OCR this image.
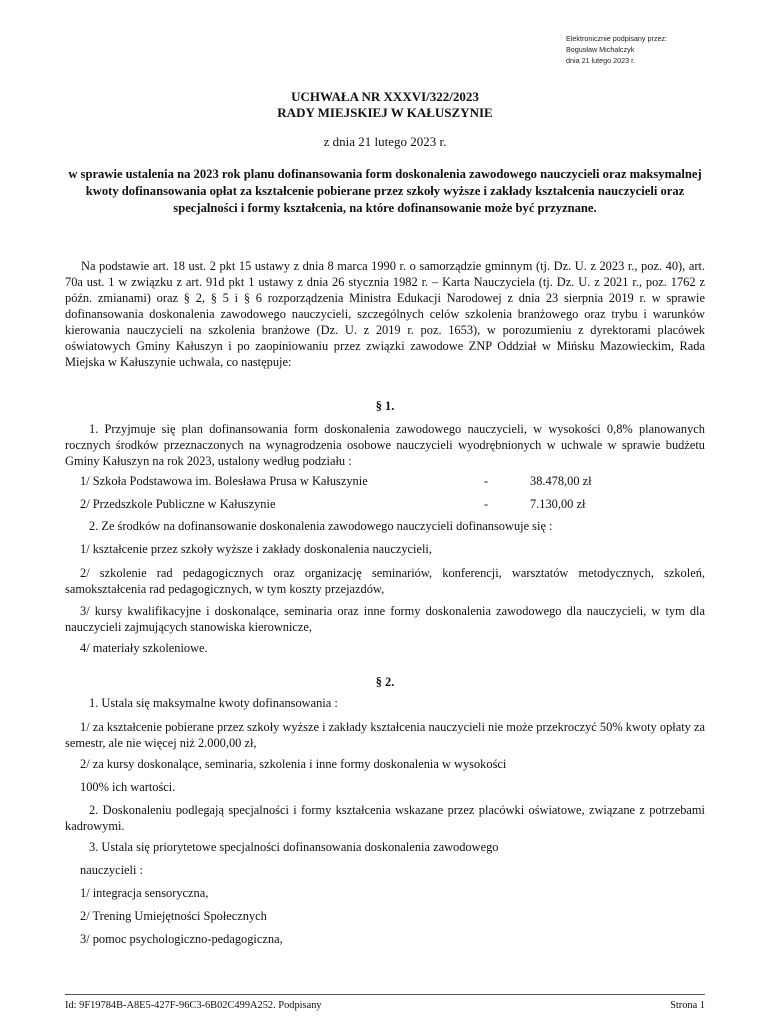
Elektronicznie podpisany przez:
Bogusław Michalczyk
dnia 21 lutego 2023 r.
UCHWAŁA NR XXXVI/322/2023
RADY MIEJSKIEJ W KAŁUSZYNIE
z dnia 21 lutego 2023 r.
w sprawie ustalenia na 2023 rok planu dofinansowania form doskonalenia zawodowego nauczycieli oraz maksymalnej kwoty dofinansowania opłat za kształcenie pobierane przez szkoły wyższe i zakłady kształcenia nauczycieli oraz specjalności i formy kształcenia, na które dofinansowanie może być przyznane.

Na podstawie art. 18 ust. 2 pkt 15 ustawy z dnia 8 marca 1990 r. o samorządzie gminnym (tj. Dz. U. z 2023 r., poz. 40), art. 70a ust. 1 w związku z art. 91d pkt 1 ustawy z dnia 26 stycznia 1982 r. – Karta Nauczyciela (tj. Dz. U. z 2021 r., poz. 1762 z późn. zmianami) oraz § 2, § 5 i § 6 rozporządzenia Ministra Edukacji Narodowej z dnia 23 sierpnia 2019 r. w sprawie dofinansowania doskonalenia zawodowego nauczycieli, szczególnych celów szkolenia branżowego oraz trybu i warunków kierowania nauczycieli na szkolenia branżowe (Dz. U. z 2019 r. poz. 1653), w porozumieniu z dyrektorami placówek oświatowych Gminy Kałuszyn i po zaopiniowaniu przez związki zawodowe ZNP Oddział w Mińsku Mazowieckim, Rada Miejska w Kałuszynie uchwala, co następuje:

§ 1.
1. Przyjmuje się plan dofinansowania form doskonalenia zawodowego nauczycieli, w wysokości 0,8% planowanych rocznych środków przeznaczonych na wynagrodzenia osobowe nauczycieli wyodrębnionych w uchwale w sprawie budżetu Gminy Kałuszyn na rok 2023, ustalony według podziału :
1/ Szkoła Podstawowa im. Bolesława Prusa w Kałuszynie	-	38.478,00 zł
2/ Przedszkole Publiczne w Kałuszynie	-	7.130,00 zł
2. Ze środków na dofinansowanie doskonalenia zawodowego nauczycieli dofinansowuje się :
1/ kształcenie przez szkoły wyższe i zakłady doskonalenia nauczycieli,
2/ szkolenie rad pedagogicznych oraz organizację seminariów, konferencji, warsztatów metodycznych, szkoleń, samokształcenia rad pedagogicznych, w tym koszty przejazdów,
3/ kursy kwalifikacyjne i doskonalące, seminaria oraz inne formy doskonalenia zawodowego dla nauczycieli, w tym dla nauczycieli zajmujących stanowiska kierownicze,
4/ materiały szkoleniowe.
§ 2.
1. Ustala się maksymalne kwoty dofinansowania :
1/ za kształcenie pobierane przez szkoły wyższe i zakłady kształcenia nauczycieli nie może przekroczyć 50% kwoty opłaty za semestr, ale nie więcej niż 2.000,00 zł,
2/ za kursy doskonalące, seminaria, szkolenia i inne formy doskonalenia w wysokości
100% ich wartości.
2. Doskonaleniu podlegają specjalności i formy kształcenia wskazane przez placówki oświatowe, związane z potrzebami kadrowymi.
3. Ustala się priorytetowe specjalności dofinansowania doskonalenia zawodowego
nauczycieli :
1/ integracja sensoryczna,
2/ Trening Umiejętności Społecznych
3/ pomoc psychologiczno-pedagogiczna,
Id: 9F19784B-A8E5-427F-96C3-6B02C499A252. Podpisany	Strona 1
